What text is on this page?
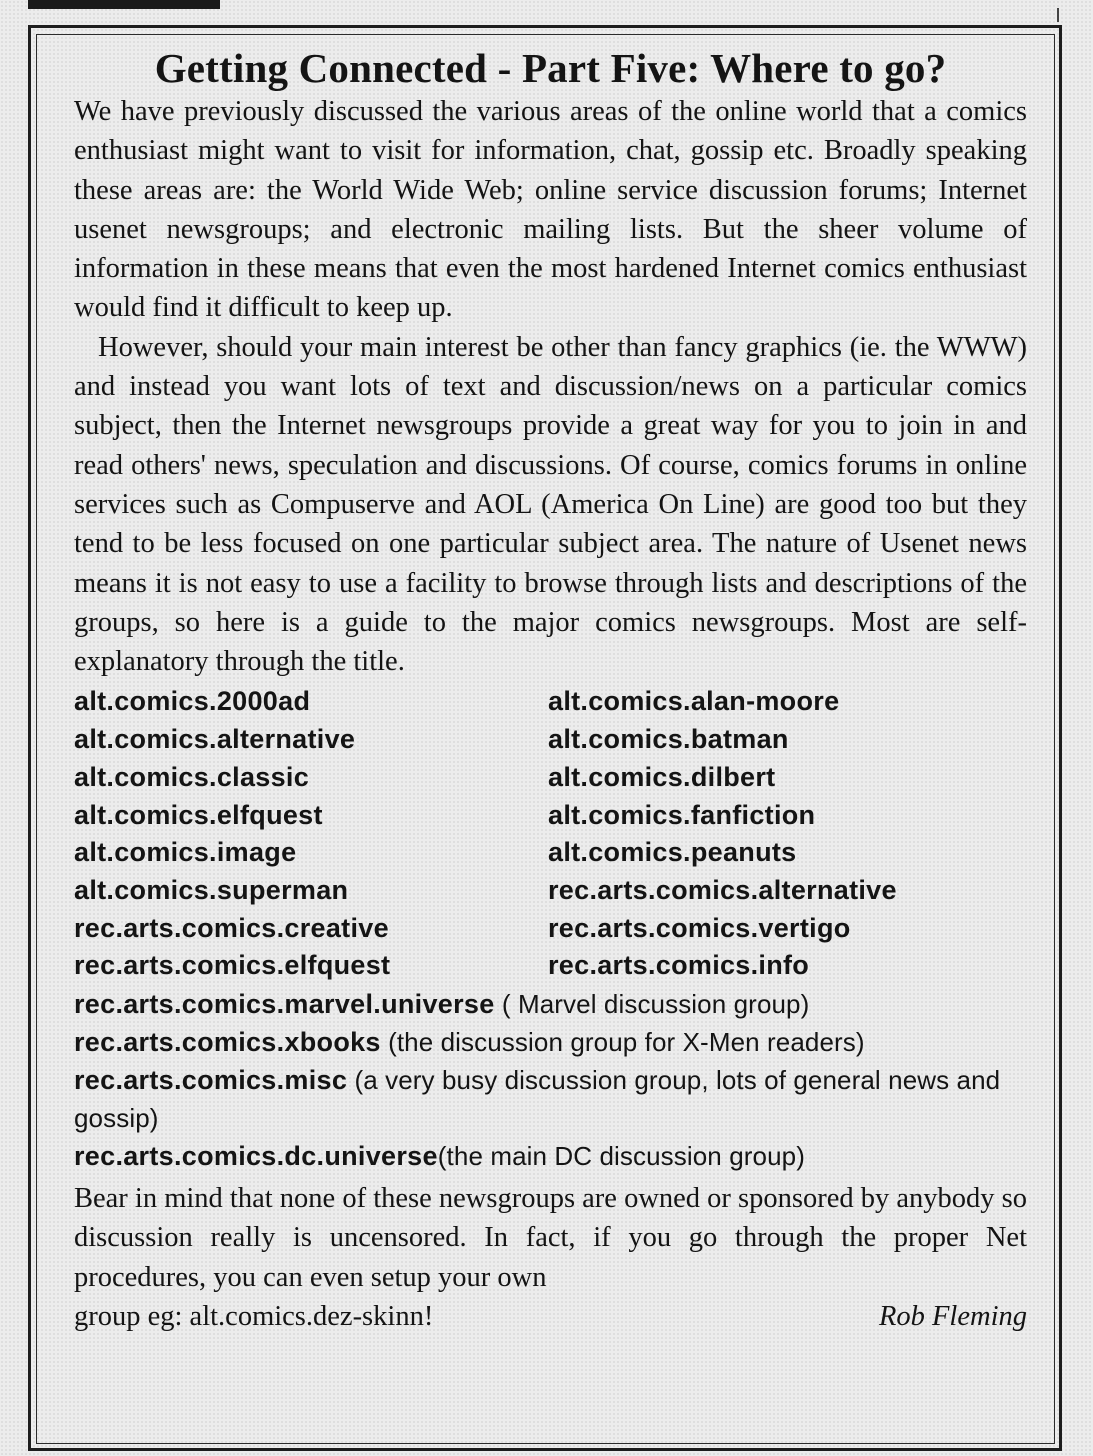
Getting Connected - Part Five: Where to go?

We have previously discussed the various areas of the online world that a comics enthusiast might want to visit for information, chat, gossip etc. Broadly speaking these areas are: the World Wide Web; online service discussion forums; Internet usenet newsgroups; and electronic mailing lists. But the sheer volume of information in these means that even the most hardened Internet comics enthusiast would find it difficult to keep up.

However, should your main interest be other than fancy graphics (ie. the WWW) and instead you want lots of text and discussion/news on a particular comics subject, then the Internet newsgroups provide a great way for you to join in and read others' news, speculation and discussions. Of course, comics forums in online services such as Compuserve and AOL (America On Line) are good too but they tend to be less focused on one particular subject area. The nature of Usenet news means it is not easy to use a facility to browse through lists and descriptions of the groups, so here is a guide to the major comics newsgroups. Most are self-explanatory through the title.

alt.comics.2000ad	alt.comics.alan-moore
alt.comics.alternative	alt.comics.batman
alt.comics.classic	alt.comics.dilbert
alt.comics.elfquest	alt.comics.fanfiction
alt.comics.image	alt.comics.peanuts
alt.comics.superman	rec.arts.comics.alternative
rec.arts.comics.creative	rec.arts.comics.vertigo
rec.arts.comics.elfquest	rec.arts.comics.info
rec.arts.comics.marvel.universe ( Marvel discussion group)
rec.arts.comics.xbooks (the discussion group for X-Men readers)
rec.arts.comics.misc (a very busy discussion group, lots of general news and gossip)
rec.arts.comics.dc.universe(the main DC discussion group)

Bear in mind that none of these newsgroups are owned or sponsored by anybody so discussion really is uncensored. In fact, if you go through the proper Net procedures, you can even setup your own

group eg: alt.comics.dez-skinn!	Rob Fleming
